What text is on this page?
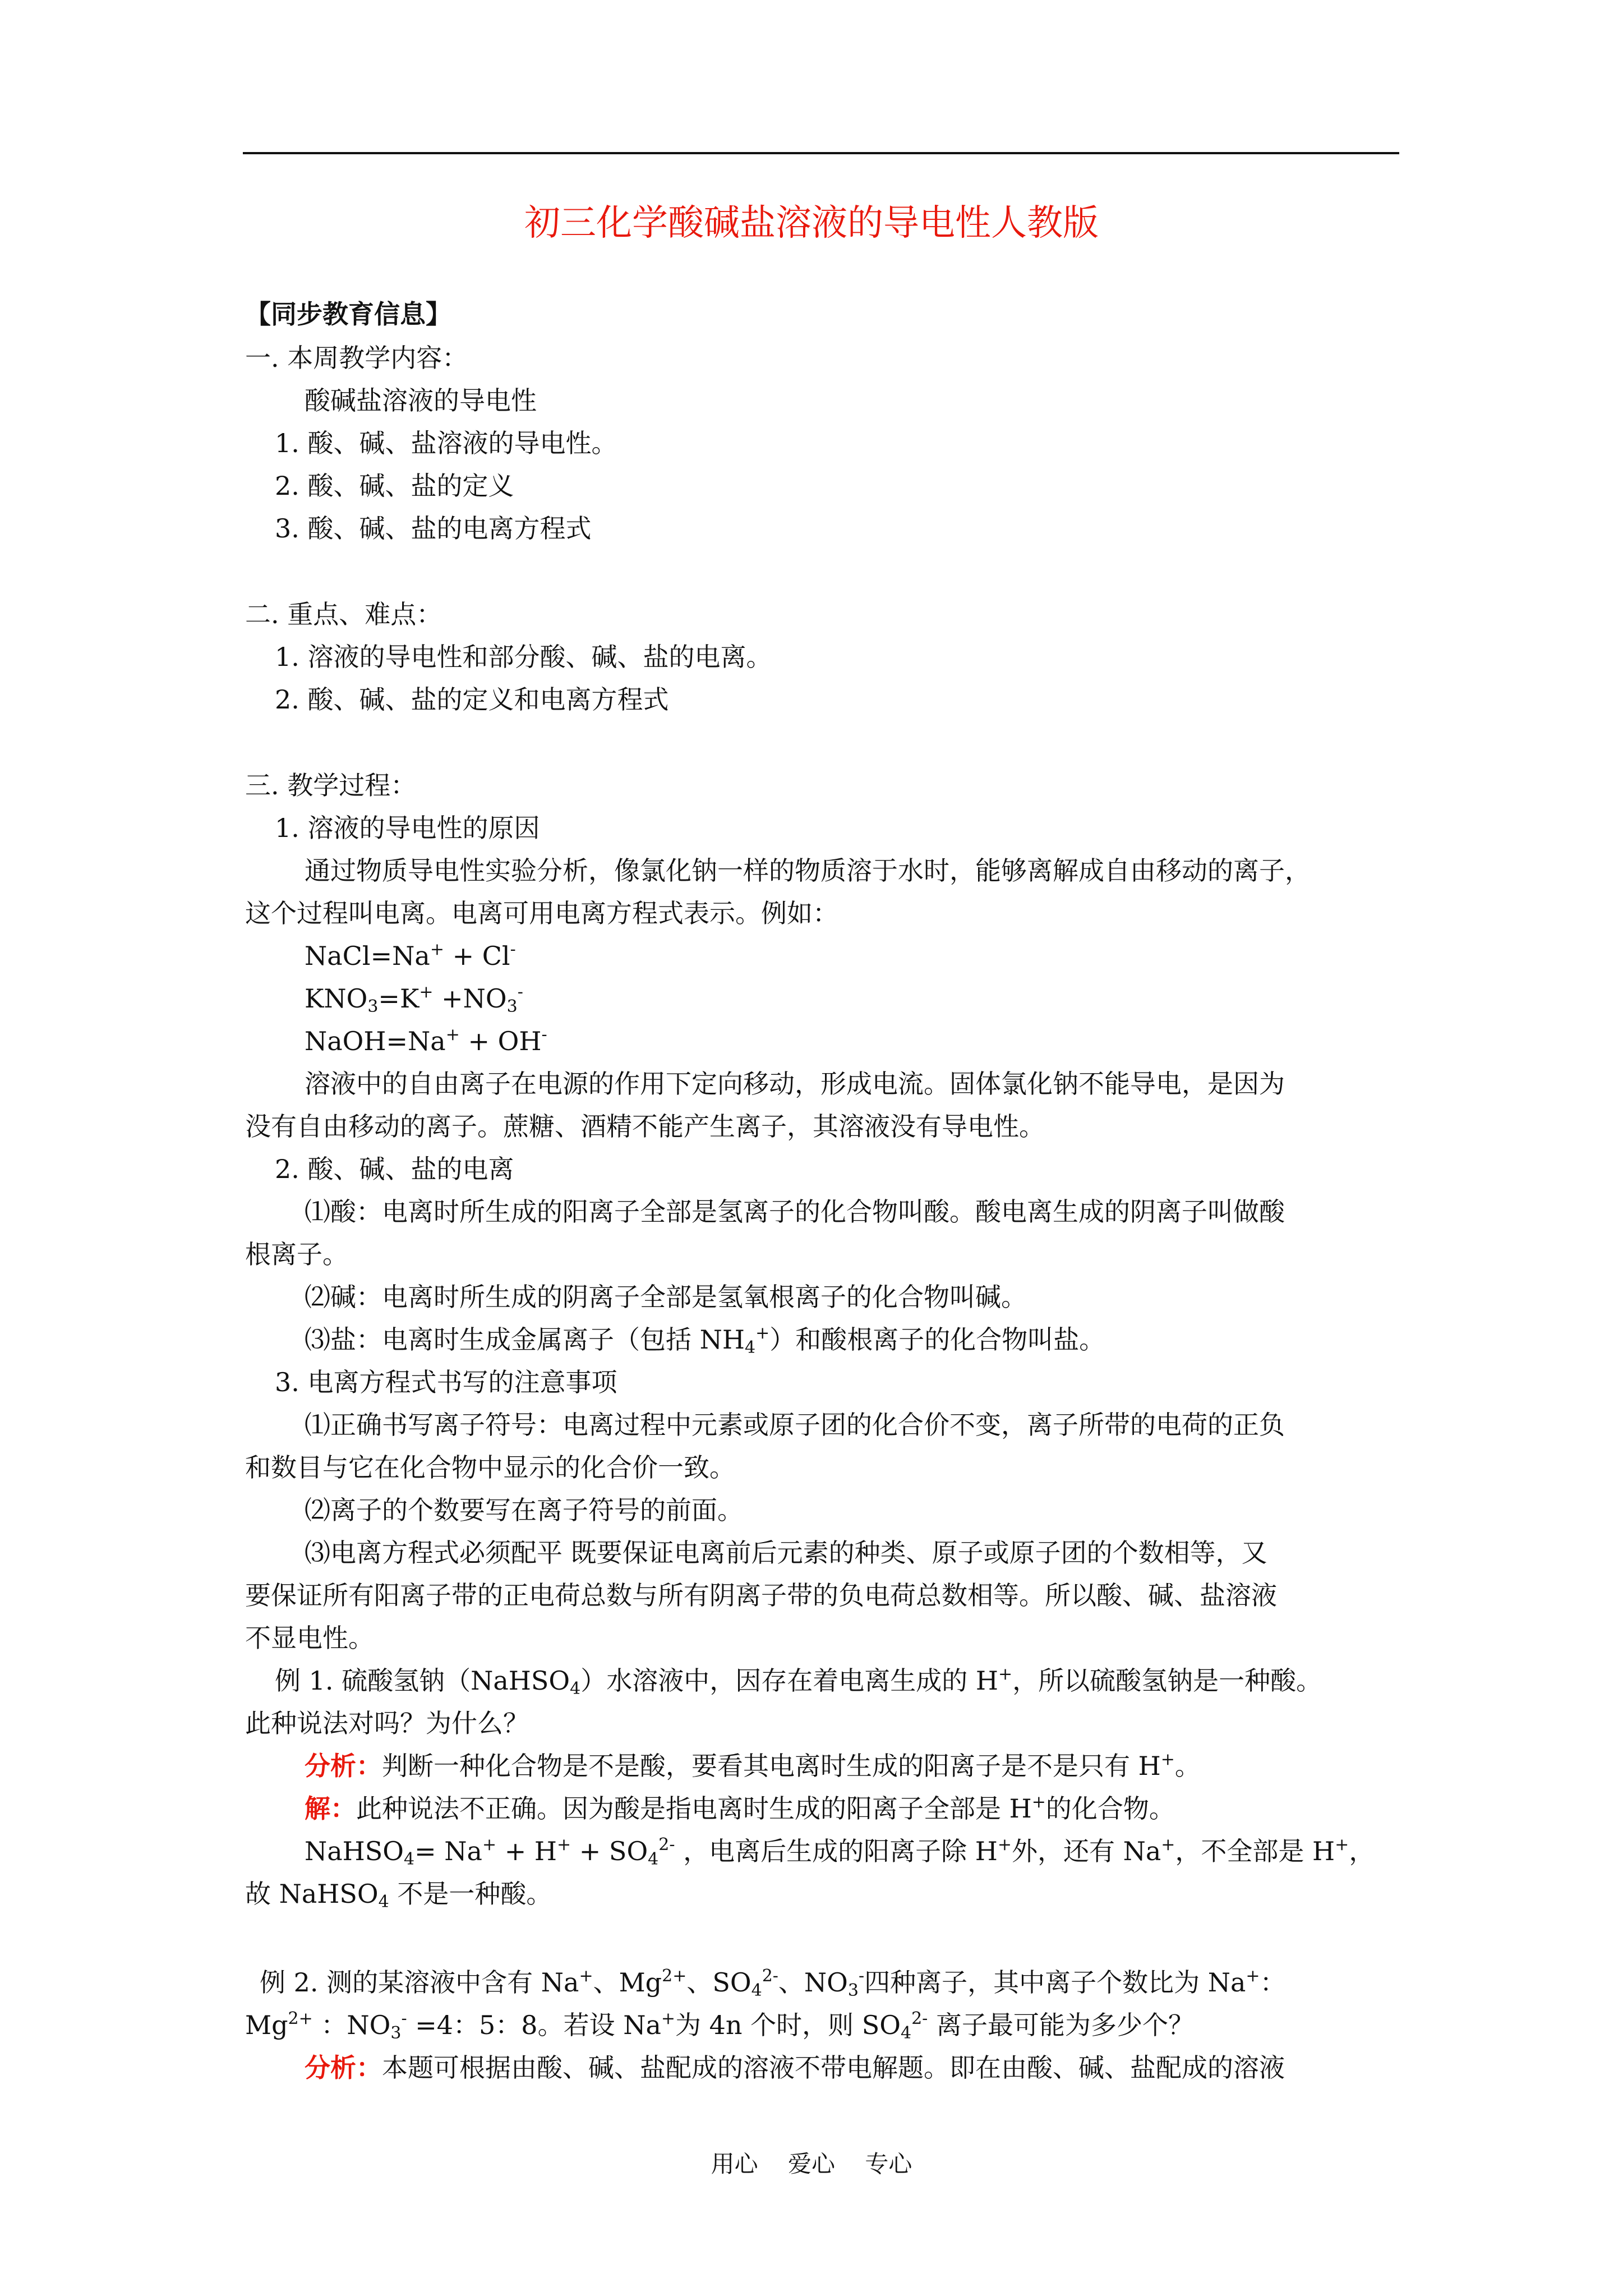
初三化学酸碱盐溶液的导电性人教版
【同步教育信息】
一. 本周教学内容：
酸碱盐溶液的导电性
1. 酸、碱、盐溶液的导电性。
2. 酸、碱、盐的定义
3. 酸、碱、盐的电离方程式
二. 重点、难点：
1. 溶液的导电性和部分酸、碱、盐的电离。
2. 酸、碱、盐的定义和电离方程式
三. 教学过程：
1. 溶液的导电性的原因
通过物质导电性实验分析，像氯化钠一样的物质溶于水时，能够离解成自由移动的离子，
这个过程叫电离。电离可用电离方程式表示。例如：
NaCl=Na+ + Cl-
$KNO_3=K^+ +NO_3^-$
NaOH=Na+ + OH-
溶液中的自由离子在电源的作用下定向移动，形成电流。固体氯化钠不能导电，是因为
没有自由移动的离子。蔗糖、酒精不能产生离子，其溶液没有导电性。
2. 酸、碱、盐的电离
⑴酸：电离时所生成的阳离子全部是氢离子的化合物叫酸。酸电离生成的阴离子叫做酸
根离子。
⑵碱：电离时所生成的阴离子全部是氢氧根离子的化合物叫碱。
⑶盐：电离时生成金属离子（包括 $NH_4^+$）和酸根离子的化合物叫盐。
3. 电离方程式书写的注意事项
⑴正确书写离子符号：电离过程中元素或原子团的化合价不变，离子所带的电荷的正负
和数目与它在化合物中显示的化合价一致。
⑵离子的个数要写在离子符号的前面。
⑶电离方程式必须配平 既要保证电离前后元素的种类、原子或原子团的个数相等，又
要保证所有阳离子带的正电荷总数与所有阴离子带的负电荷总数相等。所以酸、碱、盐溶液
不显电性。
例 1. 硫酸氢钠（NaHSO$_4$）水溶液中，因存在着电离生成的 H+，所以硫酸氢钠是一种酸。
此种说法对吗？为什么？
分析：判断一种化合物是不是酸，要看其电离时生成的阳离子是不是只有 H+。
解：此种说法不正确。因为酸是指电离时生成的阳离子全部是 H+的化合物。
NaHSO$_4$= $Na^+ + H^+ + SO_4^{2-}$ ，电离后生成的阳离子除 H+外，还有 Na+，不全部是 H+，
故 NaHSO$_4$ 不是一种酸。
例 2. 测的某溶液中含有 Na+、$Mg^{2+}$、$SO_4^{2-}$、$NO_3^-$四种离子，其中离子个数比为 Na+：
$Mg^{2+}$ ：$NO_3^- =4$：5：8。若设 Na+为 4n 个时，则 $SO_4^{2-}$ 离子最可能为多少个？
分析：本题可根据由酸、碱、盐配成的溶液不带电解题。即在由酸、碱、盐配成的溶液
用心    爱心    专心
